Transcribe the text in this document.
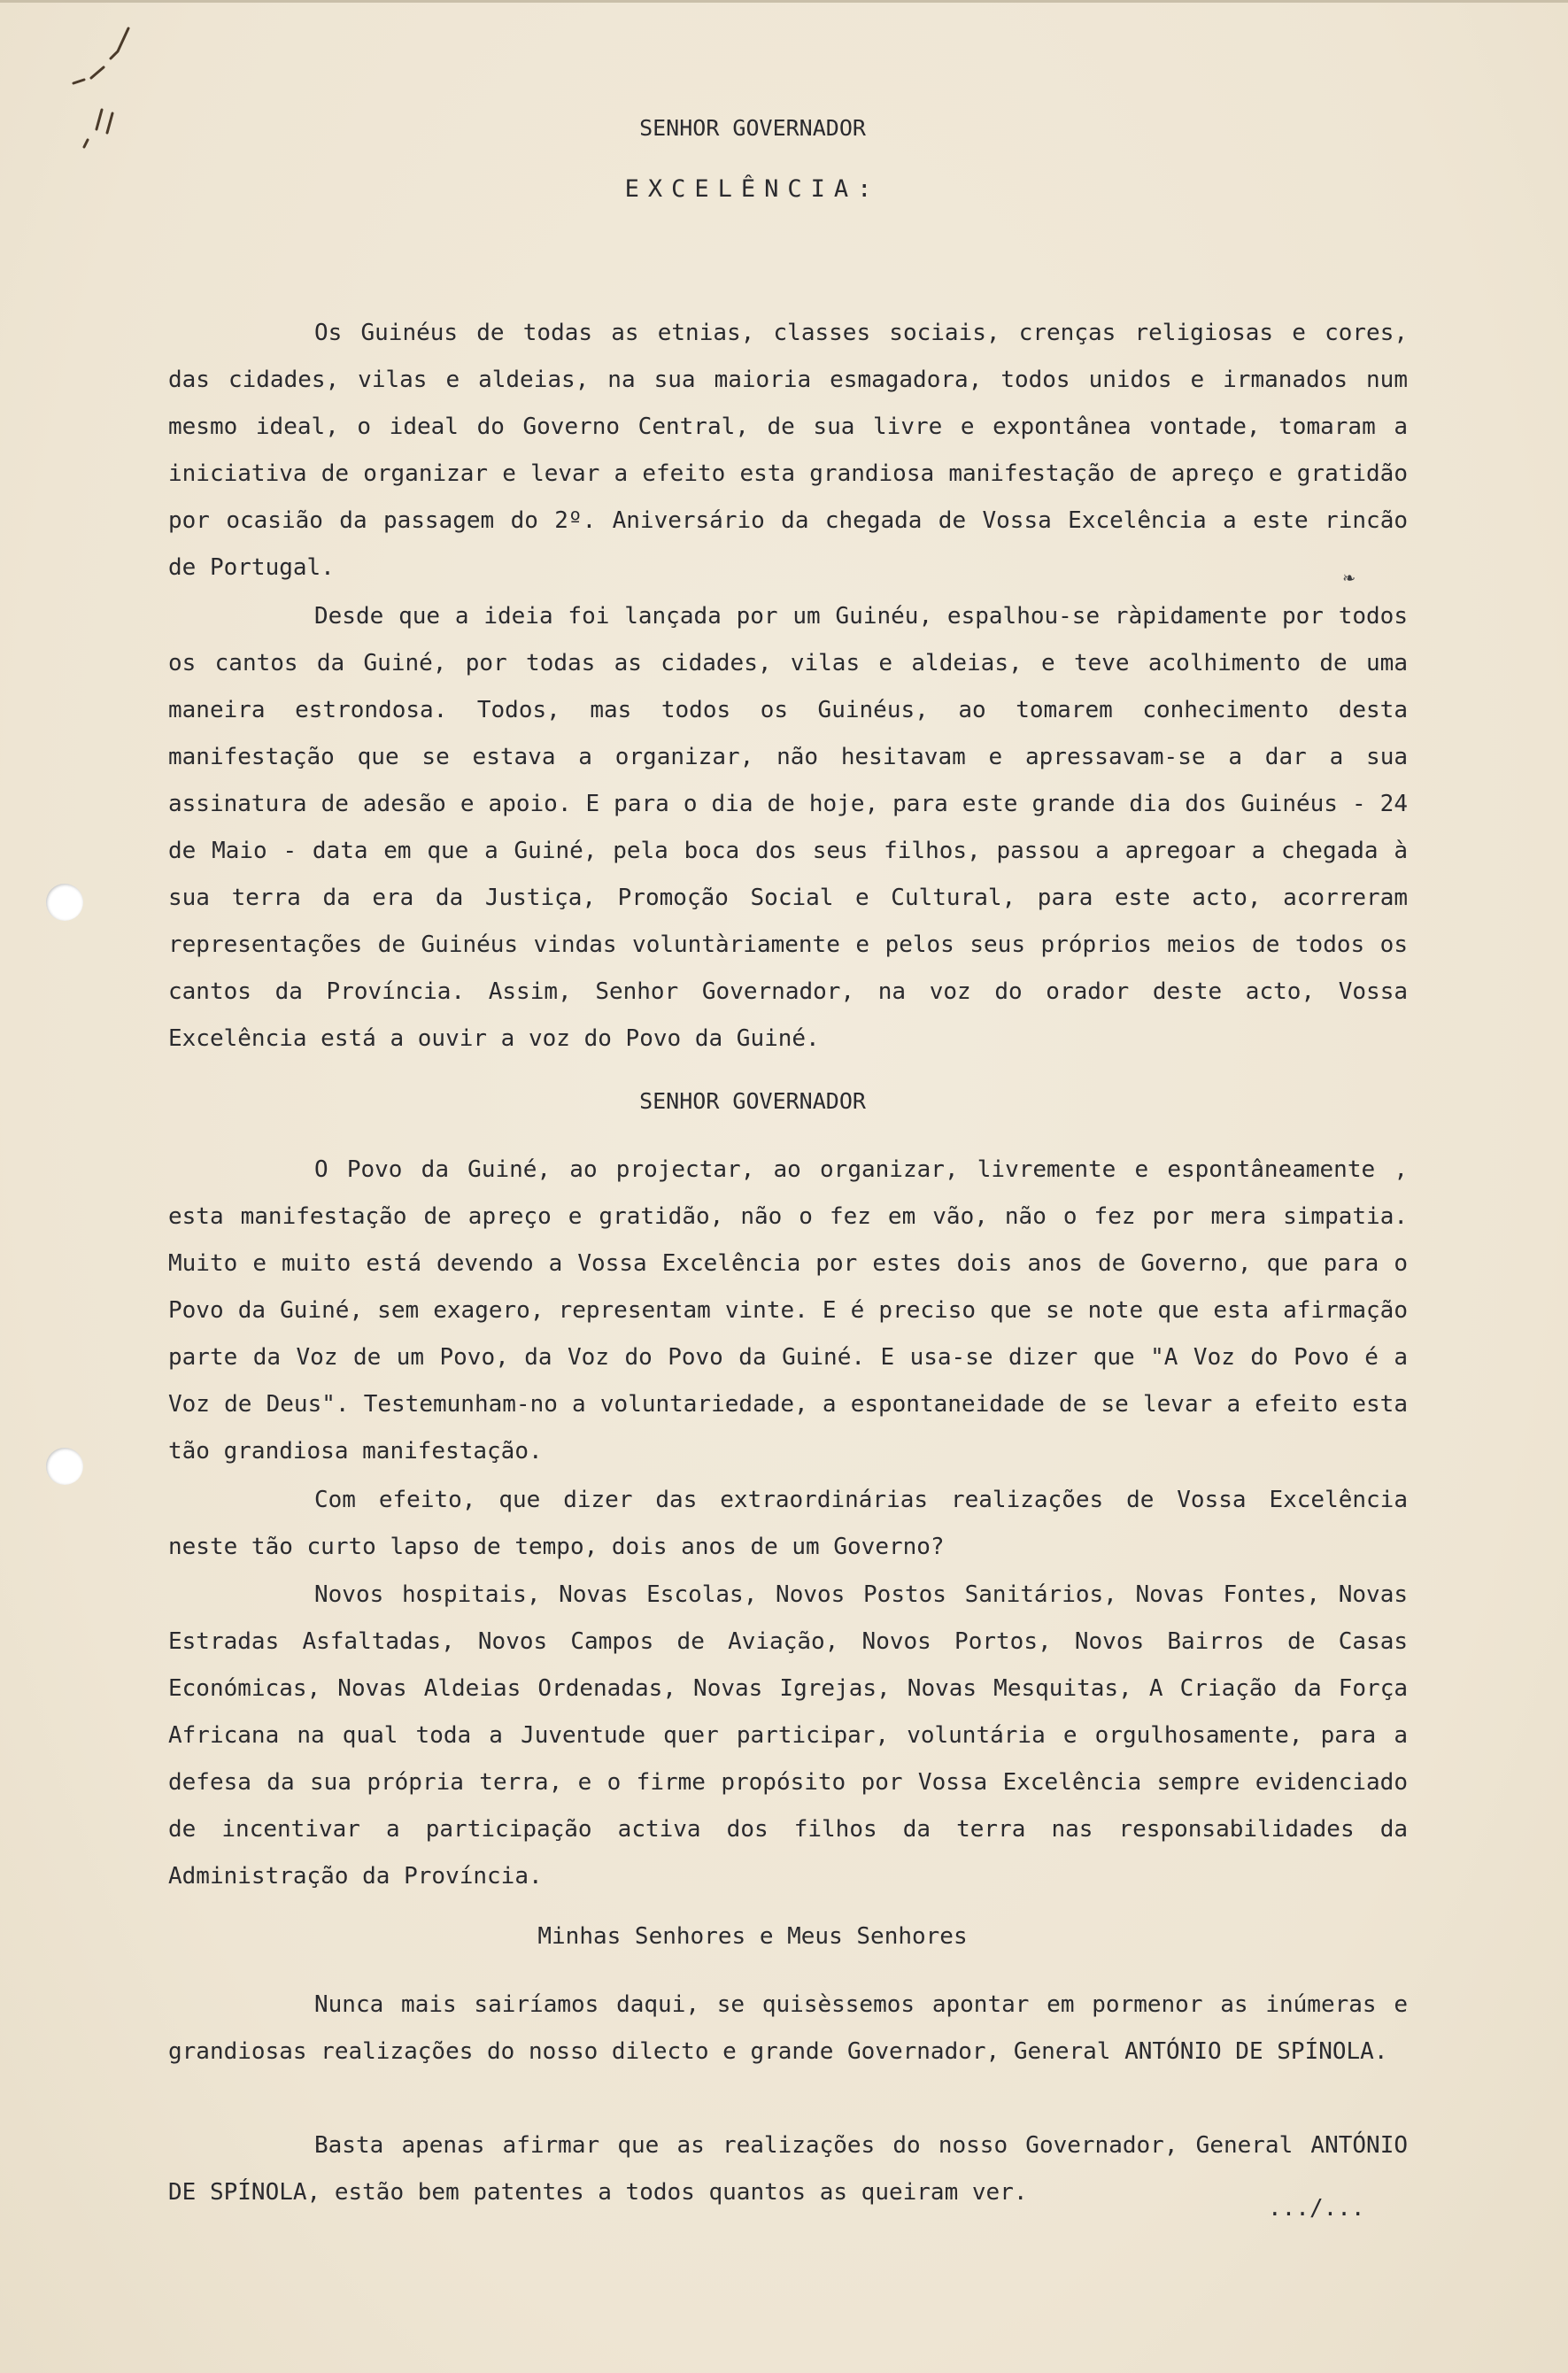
SENHOR GOVERNADOR
EXCELÊNCIA:

Os Guinéus de todas as etnias, classes sociais, crenças religiosas e cores, das cidades, vilas e aldeias, na sua maioria esmagadora, todos unidos e irmanados num mesmo ideal, o ideal do Governo Central, de sua livre e expontânea vontade, tomaram a iniciativa de organizar e levar a efeito esta grandiosa manifestação de apreço e gratidão por ocasião da passagem do 2º. Aniversário da chegada de Vossa Excelência a este rincão de Portugal.	❧

Desde que a ideia foi lançada por um Guinéu, espalhou-se ràpidamente por todos os cantos da Guiné, por todas as cidades, vilas e aldeias, e teve acolhimento de uma maneira estrondosa. Todos, mas todos os Guinéus, ao tomarem conhecimento desta manifestação que se estava a organizar, não hesitavam e apressavam-se a dar a sua assinatura de adesão e apoio. E para o dia de hoje, para este grande dia dos Guinéus - 24 de Maio - data em que a Guiné, pela boca dos seus filhos, passou a apregoar a chegada à sua terra da era da Justiça, Promoção Social e Cultural, para este acto, acorreram representações de Guinéus vindas voluntàriamente e pelos seus próprios meios de todos os cantos da Província. Assim, Senhor Governador, na voz do orador deste acto, Vossa Excelência está a ouvir a voz do Povo da Guiné.

SENHOR GOVERNADOR

O Povo da Guiné, ao projectar, ao organizar, livremente e espontâneamente , esta manifestação de apreço e gratidão, não o fez em vão, não o fez por mera simpatia. Muito e muito está devendo a Vossa Excelência por estes dois anos de Governo, que para o Povo da Guiné, sem exagero, representam vinte. E é preciso que se note que esta afirmação parte da Voz de um Povo, da Voz do Povo da Guiné. E usa-se dizer que "A Voz do Povo é a Voz de Deus". Testemunham-no a voluntariedade, a espontaneidade de se levar a efeito esta tão grandiosa manifestação.

Com efeito, que dizer das extraordinárias realizações de Vossa Excelência neste tão curto lapso de tempo, dois anos de um Governo?

Novos hospitais, Novas Escolas, Novos Postos Sanitários, Novas Fontes, Novas Estradas Asfaltadas, Novos Campos de Aviação, Novos Portos, Novos Bairros de Casas Económicas, Novas Aldeias Ordenadas, Novas Igrejas, Novas Mesquitas, A Criação da Força Africana na qual toda a Juventude quer participar, voluntária e orgulhosamente, para a defesa da sua própria terra, e o firme propósito por Vossa Excelência sempre evidenciado de incentivar a participação activa dos filhos da terra nas responsabilidades da Administração da Província.

Minhas Senhores e Meus Senhores

Nunca mais sairíamos daqui, se quisèssemos apontar em pormenor as inúmeras e grandiosas realizações do nosso dilecto e grande Governador, General ANTÓNIO DE SPÍNOLA.

Basta apenas afirmar que as realizações do nosso Governador, General ANTÓNIO DE SPÍNOLA, estão bem patentes a todos quantos as queiram ver.

.../...
